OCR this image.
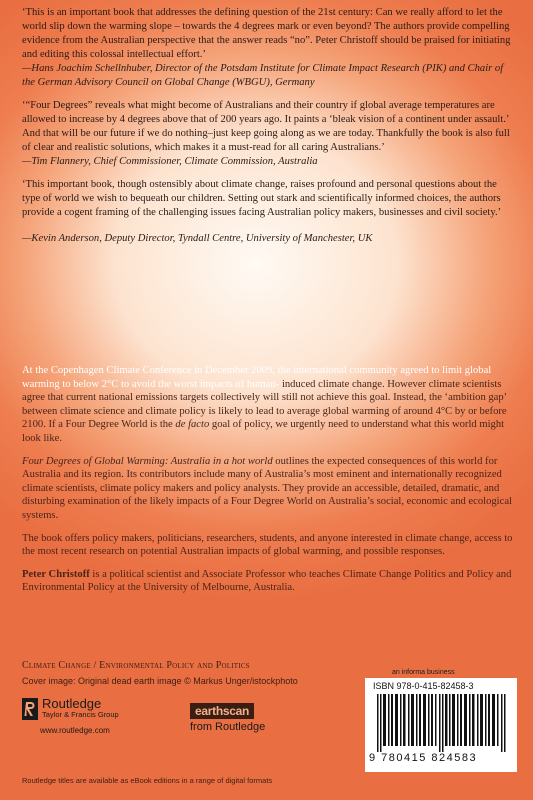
‘This is an important book that addresses the defining question of the 21st century: Can we really afford to let the world slip down the warming slope – towards the 4 degrees mark or even beyond? The authors provide compelling evidence from the Australian perspective that the answer reads “no”. Peter Christoff should be praised for initiating and editing this colossal intellectual effort.’
—Hans Joachim Schellnhuber, Director of the Potsdam Institute for Climate Impact Research (PIK) and Chair of the German Advisory Council on Global Change (WBGU), Germany

‘“Four Degrees” reveals what might become of Australians and their country if global average temperatures are allowed to increase by 4 degrees above that of 200 years ago. It paints a ‘bleak vision of a continent under assault.’ And that will be our future if we do nothing–just keep going along as we are today. Thankfully the book is also full of clear and realistic solutions, which makes it a must-read for all caring Australians.’
—Tim Flannery, Chief Commissioner, Climate Commission, Australia

‘This important book, though ostensibly about climate change, raises profound and personal questions about the type of world we wish to bequeath our children. Setting out stark and scientifically informed choices, the authors provide a cogent framing of the challenging issues facing Australian policy makers, businesses and civil society.’
—Kevin Anderson, Deputy Director, Tyndall Centre, University of Manchester, UK

At the Copenhagen Climate Conference in December 2009, the international community agreed to limit global warming to below 2°C to avoid the worst impacts of human- induced climate change. However climate scientists agree that current national emissions targets collectively will still not achieve this goal. Instead, the ‘ambition gap’ between climate science and climate policy is likely to lead to average global warming of around 4°C by or before 2100. If a Four Degree World is the de facto goal of policy, we urgently need to understand what this world might look like.

Four Degrees of Global Warming: Australia in a hot world outlines the expected consequences of this world for Australia and its region. Its contributors include many of Australia’s most eminent and internationally recognized climate scientists, climate policy makers and policy analysts. They provide an accessible, detailed, dramatic, and disturbing examination of the likely impacts of a Four Degree World on Australia’s social, economic and ecological systems.

The book offers policy makers, politicians, researchers, students, and anyone interested in climate change, access to the most recent research on potential Australian impacts of global warming, and possible responses.

Peter Christoff is a political scientist and Associate Professor who teaches Climate Change Politics and Policy and Environmental Policy at the University of Melbourne, Australia.

Climate Change / Environmental Policy and Politics
Cover image: Original dead earth image © Markus Unger/istockphoto
Routledge
Taylor & Francis Group
www.routledge.com
earthscan
from Routledge
an informa business
ISBN 978-0-415-82458-3
9 780415 824583
Routledge titles are available as eBook editions in a range of digital formats
